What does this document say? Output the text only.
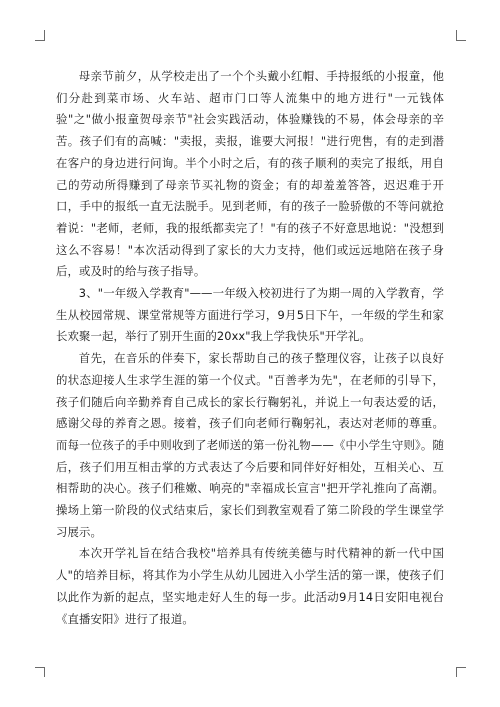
母亲节前夕，从学校走出了一个个头戴小红帽、手持报纸的小报童，他们分赴到菜市场、火车站、超市门口等人流集中的地方进行"一元钱体验"之"做小报童贺母亲节"社会实践活动，体验赚钱的不易，体会母亲的辛苦。孩子们有的高喊："卖报，卖报，谁要大河报！"进行兜售，有的走到潜在客户的身边进行问询。半个小时之后，有的孩子顺利的卖完了报纸，用自己的劳动所得赚到了母亲节买礼物的资金；有的却羞羞答答，迟迟难于开口，手中的报纸一直无法脱手。见到老师，有的孩子一脸骄傲的不等问就抢着说："老师，老师，我的报纸都卖完了！"有的孩子不好意思地说："没想到这么不容易！"本次活动得到了家长的大力支持，他们或远远地陪在孩子身后，或及时的给与孩子指导。

3、"一年级入学教育"——一年级入校初进行了为期一周的入学教育，学生从校园常规、课堂常规等方面进行学习，9月5日下午，一年级的学生和家长欢聚一起，举行了别开生面的20xx"我上学我快乐"开学礼。

首先，在音乐的伴奏下，家长帮助自己的孩子整理仪容，让孩子以良好的状态迎接人生求学生涯的第一个仪式。"百善孝为先"，在老师的引导下，孩子们随后向辛勤养育自己成长的家长行鞠躬礼，并说上一句表达爱的话，感谢父母的养育之恩。接着，孩子们向老师行鞠躬礼，表达对老师的尊重。而每一位孩子的手中则收到了老师送的第一份礼物——《中小学生守则》。随后，孩子们用互相击掌的方式表达了今后要和同伴好好相处，互相关心、互相帮助的决心。孩子们稚嫩、响亮的"幸福成长宣言"把开学礼推向了高潮。操场上第一阶段的仪式结束后，家长们到教室观看了第二阶段的学生课堂学习展示。

本次开学礼旨在结合我校"培养具有传统美德与时代精神的新一代中国人"的培养目标，将其作为小学生从幼儿园进入小学生活的第一课，使孩子们以此作为新的起点，坚实地走好人生的每一步。此活动9月14日安阳电视台《直播安阳》进行了报道。
